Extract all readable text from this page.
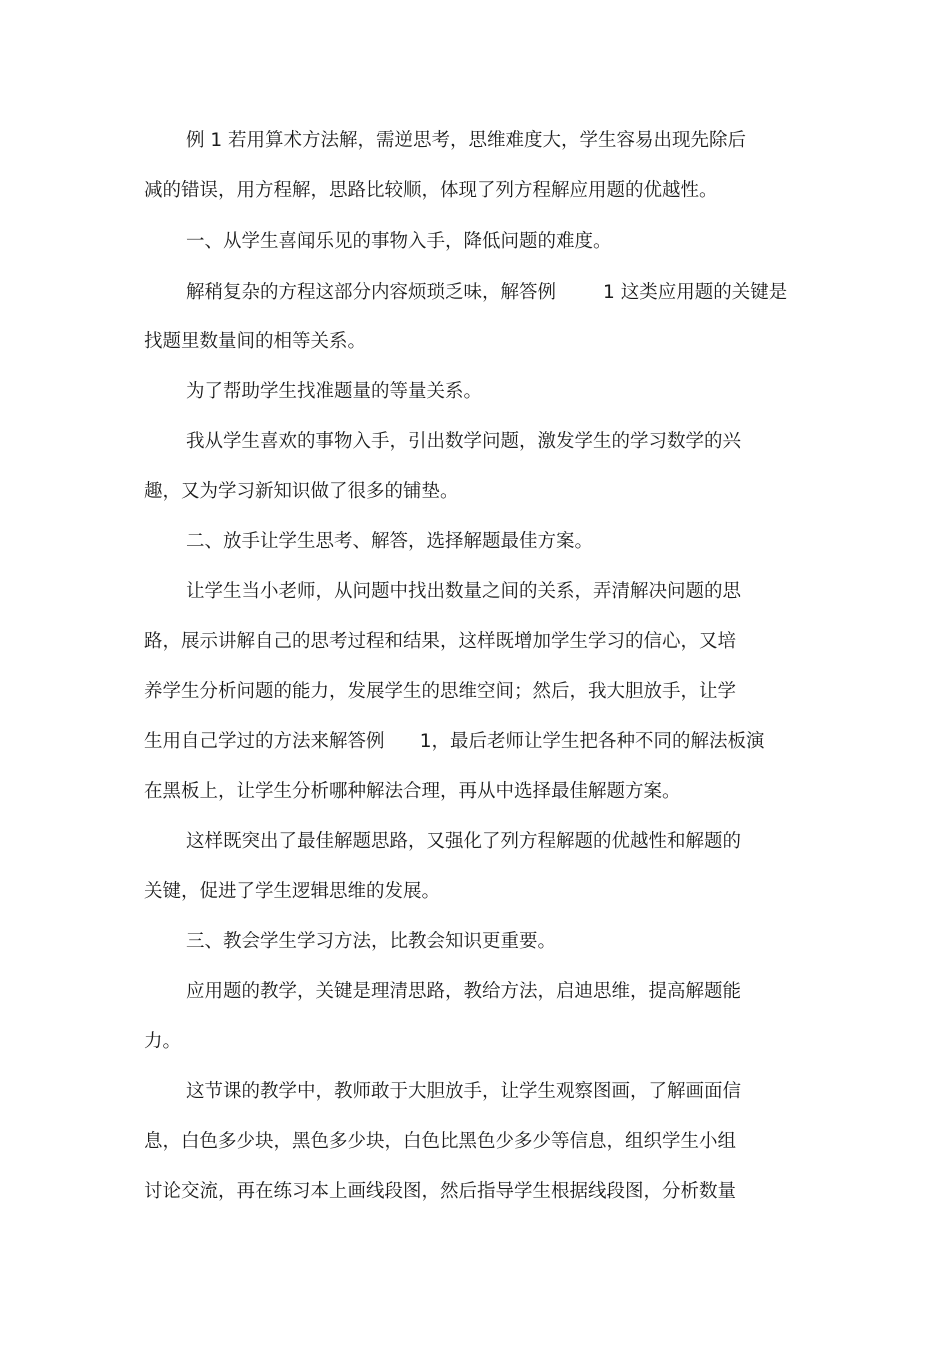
例 1 若用算术方法解，需逆思考，思维难度大，学生容易出现先除后

减的错误，用方程解，思路比较顺，体现了列方程解应用题的优越性。

一、从学生喜闻乐见的事物入手，降低问题的难度。

解稍复杂的方程这部分内容烦琐乏味，解答例        1 这类应用题的关键是

找题里数量间的相等关系。

为了帮助学生找准题量的等量关系。

我从学生喜欢的事物入手，引出数学问题，激发学生的学习数学的兴

趣，又为学习新知识做了很多的铺垫。

二、放手让学生思考、解答，选择解题最佳方案。

让学生当小老师，从问题中找出数量之间的关系，弄清解决问题的思

路，展示讲解自己的思考过程和结果，这样既增加学生学习的信心，又培

养学生分析问题的能力，发展学生的思维空间；然后，我大胆放手，让学

生用自己学过的方法来解答例      1，最后老师让学生把各种不同的解法板演

在黑板上，让学生分析哪种解法合理，再从中选择最佳解题方案。

这样既突出了最佳解题思路，又强化了列方程解题的优越性和解题的

关键，促进了学生逻辑思维的发展。

三、教会学生学习方法，比教会知识更重要。

应用题的教学，关键是理清思路，教给方法，启迪思维，提高解题能

力。

这节课的教学中，教师敢于大胆放手，让学生观察图画，了解画面信

息，白色多少块，黑色多少块，白色比黑色少多少等信息，组织学生小组

讨论交流，再在练习本上画线段图，然后指导学生根据线段图，分析数量
